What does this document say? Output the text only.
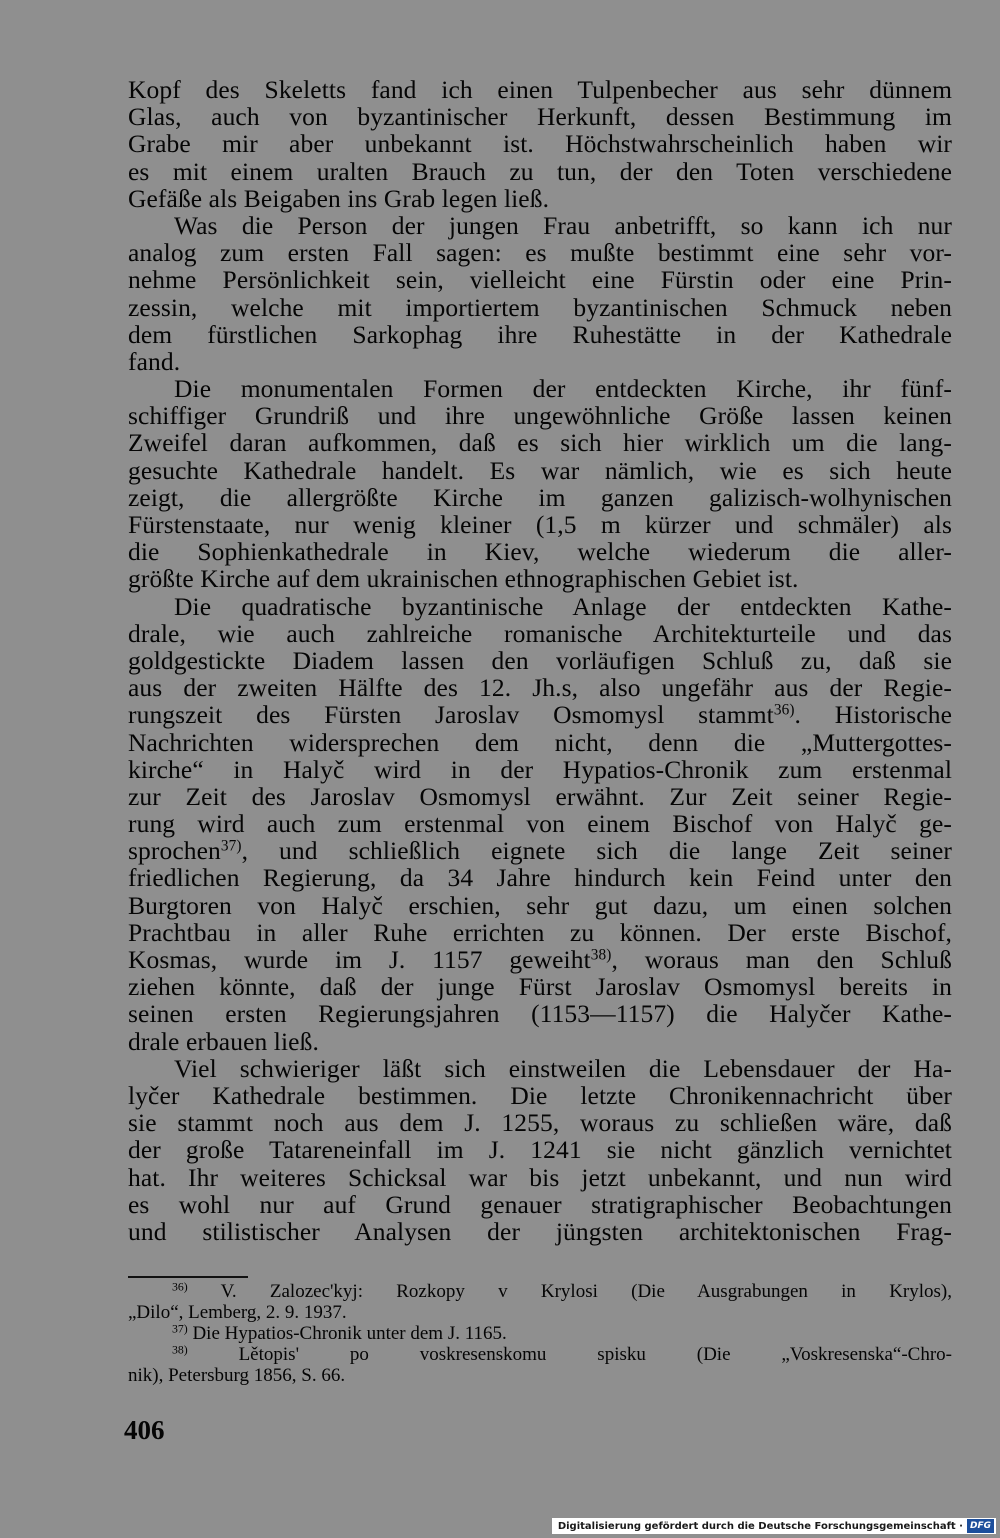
Kopf des Skeletts fand ich einen Tulpenbecher aus sehr dünnem
Glas, auch von byzantinischer Herkunft, dessen Bestimmung im
Grabe mir aber unbekannt ist. Höchstwahrscheinlich haben wir
es mit einem uralten Brauch zu tun, der den Toten verschiedene
Gefäße als Beigaben ins Grab legen ließ.
Was die Person der jungen Frau anbetrifft, so kann ich nur
analog zum ersten Fall sagen: es mußte bestimmt eine sehr vor-
nehme Persönlichkeit sein, vielleicht eine Fürstin oder eine Prin-
zessin, welche mit importiertem byzantinischen Schmuck neben
dem fürstlichen Sarkophag ihre Ruhestätte in der Kathedrale
fand.
Die monumentalen Formen der entdeckten Kirche, ihr fünf-
schiffiger Grundriß und ihre ungewöhnliche Größe lassen keinen
Zweifel daran aufkommen, daß es sich hier wirklich um die lang-
gesuchte Kathedrale handelt. Es war nämlich, wie es sich heute
zeigt, die allergrößte Kirche im ganzen galizisch-wolhynischen
Fürstenstaate, nur wenig kleiner (1,5 m kürzer und schmäler) als
die Sophienkathedrale in Kiev, welche wiederum die aller-
größte Kirche auf dem ukrainischen ethnographischen Gebiet ist.
Die quadratische byzantinische Anlage der entdeckten Kathe-
drale, wie auch zahlreiche romanische Architekturteile und das
goldgestickte Diadem lassen den vorläufigen Schluß zu, daß sie
aus der zweiten Hälfte des 12. Jh.s, also ungefähr aus der Regie-
rungszeit des Fürsten Jaroslav Osmomysl stammt$^{36)}$. Historische
Nachrichten widersprechen dem nicht, denn die „Muttergottes-
kirche“ in Halyč wird in der Hypatios-Chronik zum erstenmal
zur Zeit des Jaroslav Osmomysl erwähnt. Zur Zeit seiner Regie-
rung wird auch zum erstenmal von einem Bischof von Halyč ge-
sprochen$^{37)}$, und schließlich eignete sich die lange Zeit seiner
friedlichen Regierung, da 34 Jahre hindurch kein Feind unter den
Burgtoren von Halyč erschien, sehr gut dazu, um einen solchen
Prachtbau in aller Ruhe errichten zu können. Der erste Bischof,
Kosmas, wurde im J. 1157 geweiht$^{38)}$, woraus man den Schluß
ziehen könnte, daß der junge Fürst Jaroslav Osmomysl bereits in
seinen ersten Regierungsjahren (1153—1157) die Halyčer Kathe-
drale erbauen ließ.
Viel schwieriger läßt sich einstweilen die Lebensdauer der Ha-
lyčer Kathedrale bestimmen. Die letzte Chronikennachricht über
sie stammt noch aus dem J. 1255, woraus zu schließen wäre, daß
der große Tatareneinfall im J. 1241 sie nicht gänzlich vernichtet
hat. Ihr weiteres Schicksal war bis jetzt unbekannt, und nun wird
es wohl nur auf Grund genauer stratigraphischer Beobachtungen
und stilistischer Analysen der jüngsten architektonischen Frag-
$^{36)}$ V. Zalozec'kyj: Rozkopy v Krylosi (Die Ausgrabungen in Krylos),
„Dilo“, Lemberg, 2. 9. 1937.
$^{37)}$ Die Hypatios-Chronik unter dem J. 1165.
$^{38)}$	Lětopis' po voskresenskomu spisku (Die „Voskresenska“-Chro-
nik), Petersburg 1856, S. 66.
406
Digitalisierung gefördert durch die Deutsche Forschungsgemeinschaft · DFG
